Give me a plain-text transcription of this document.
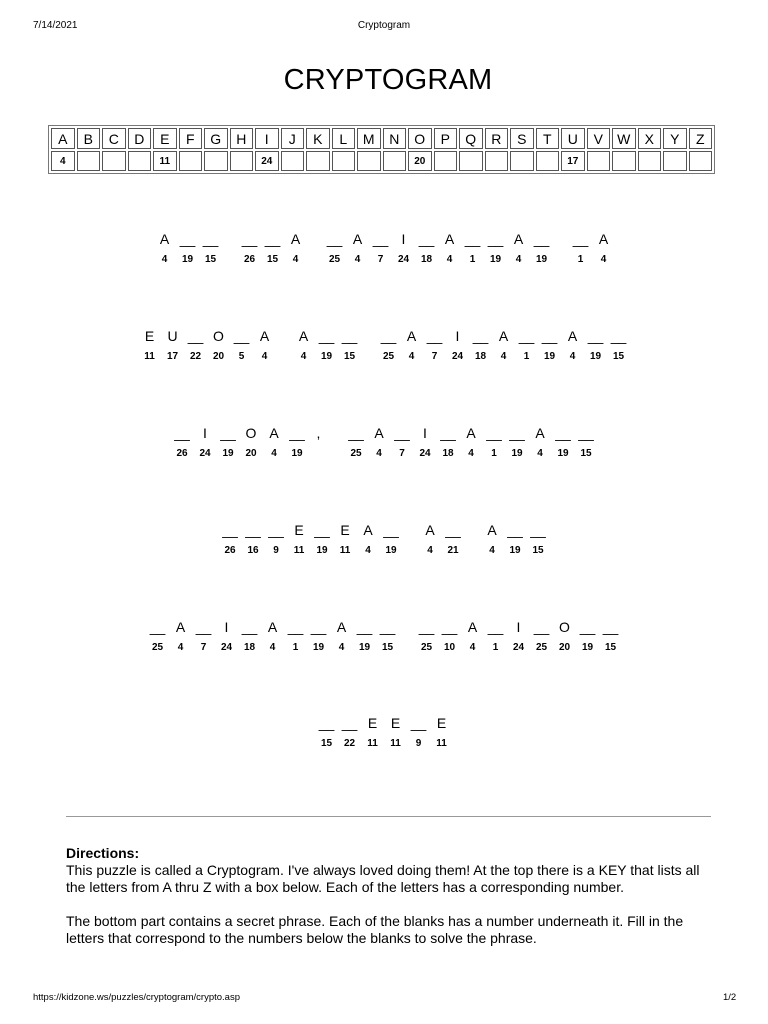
7/14/2021	Cryptogram
CRYPTOGRAM
A	B	C	D	E	F	G	H	I	J	K	L	M	N	O	P	Q	R	S	T	U	V	W	X	Y	Z
4				11				24						20						17					
A
4
__	19
__	15
__	26
__	15
A
4
__	25
A
4
__	7
I
24
__	18
A
4
__	1
__	19
A
4
__	19
__	1
A
4
E
11
U
17
__	22
O
20
__	5
A
4
A
4
__	19
__	15
__	25
A
4
__	7
I
24
__	18
A
4
__	1
__	19
A
4
__	19
__	15
__
26
I
24
__	19
O
20
A
4
__	19
,
__
25
A
4
__	7
I
24
__	18
A
4
__	1
__	19
A
4
__	19
__	15
__
26
__	16
__	9
E
11
__	19
E
11
A
4
__	19
A
4
__	21
A
4
__	19
__	15
__
25
A
4
__	7
I
24
__	18
A
4
__	1
__	19
A
4
__	19
__	15
__	25
__	10
A
4
__	1
I
24
__	25
O
20
__	19
__	15
__
15
__	22
E
11
E
11
__	9
E
11
Directions:

This puzzle is called a Cryptogram. I've always loved doing them! At the top there is a KEY that lists all the letters from A thru Z with a box below. Each of the letters has a corresponding number.

The bottom part contains a secret phrase. Each of the blanks has a number underneath it. Fill in the letters that correspond to the numbers below the blanks to solve the phrase.

https://kidzone.ws/puzzles/cryptogram/crypto.asp	1/2
